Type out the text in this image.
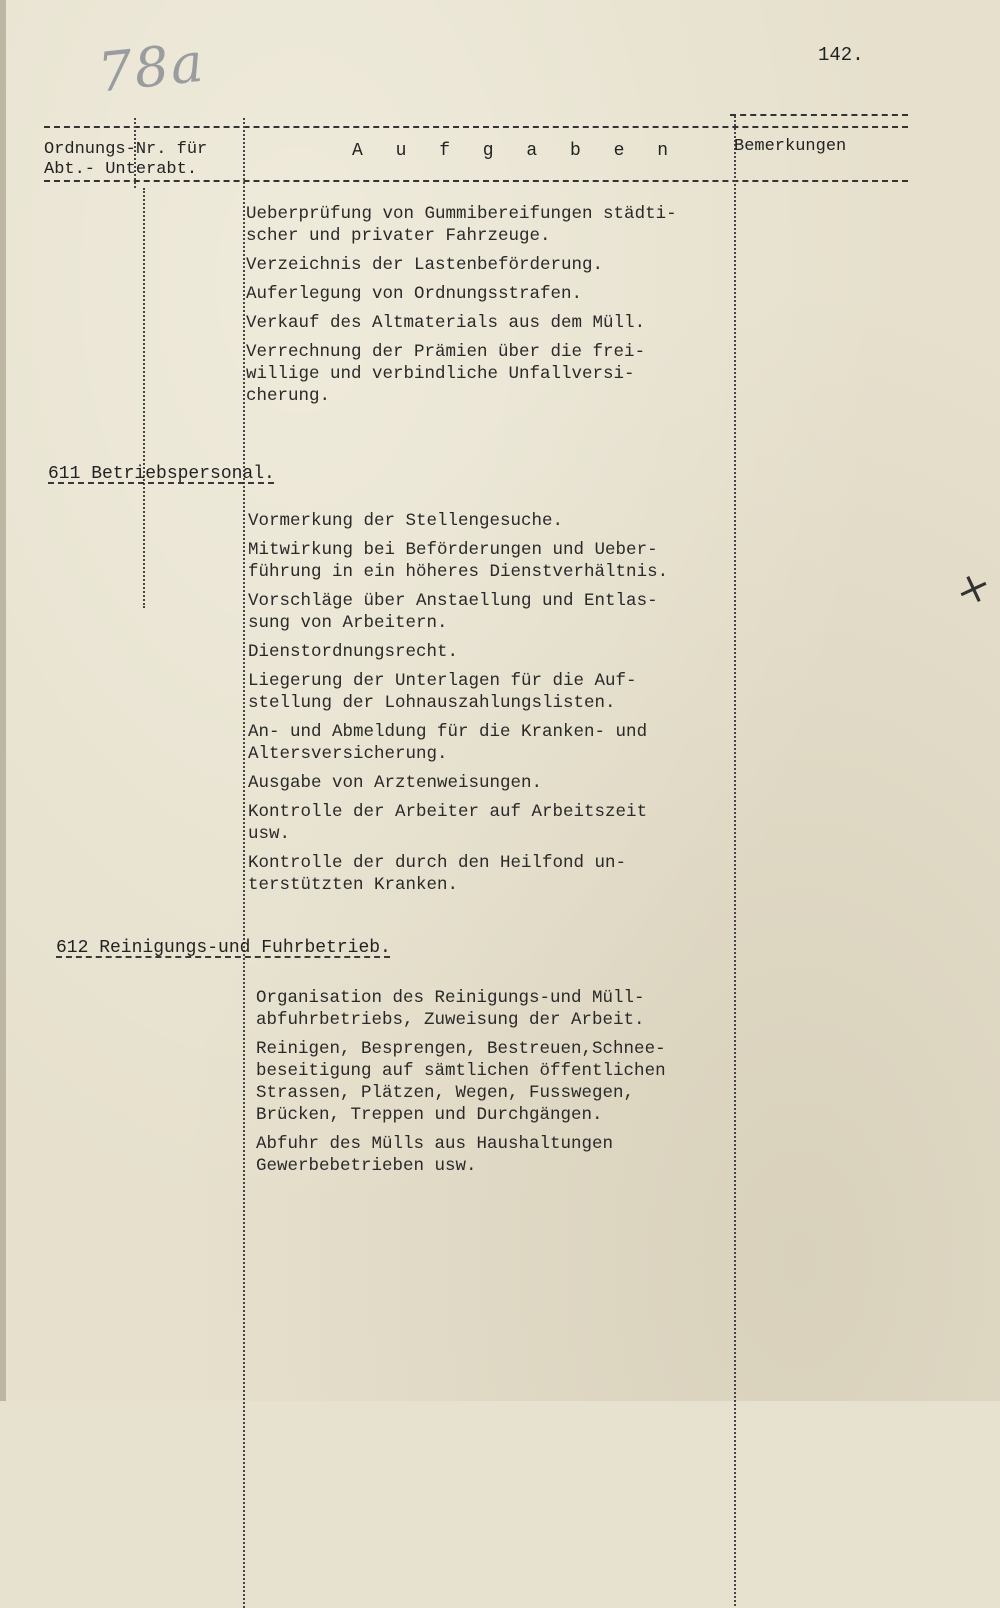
78a	142.
Ordnungs-Nr. für
Abt.- Unterabt.
A u f g a b e n	Bemerkungen
Ueberprüfung von Gummibereifungen städti-
scher und privater Fahrzeuge.
Verzeichnis der Lastenbeförderung.
Auferlegung von Ordnungsstrafen.
Verkauf des Altmaterials aus dem Müll.
Verrechnung der Prämien über die frei-
willige und verbindliche Unfallversi-
cherung.
611 Betriebspersonal.
Vormerkung der Stellengesuche.
Mitwirkung bei Beförderungen und Ueber-
führung in ein höheres Dienstverhältnis.
Vorschläge über Anstaellung und Entlas-
sung von Arbeitern.
Dienstordnungsrecht.
Liegerung der Unterlagen für die Auf-
stellung der Lohnauszahlungslisten.
An- und Abmeldung für die Kranken- und
Altersversicherung.
Ausgabe von Arztenweisungen.
Kontrolle der Arbeiter auf Arbeitszeit
usw.
Kontrolle der durch den Heilfond un-
terstützten Kranken.
612 Reinigungs-und Fuhrbetrieb.
Organisation des Reinigungs-und Müll-
abfuhrbetriebs, Zuweisung der Arbeit.
Reinigen, Besprengen, Bestreuen,Schnee-
beseitigung auf sämtlichen öffentlichen
Strassen, Plätzen, Wegen, Fusswegen,
Brücken, Treppen und Durchgängen.
Abfuhr des Mülls aus Haushaltungen
Gewerbebetrieben usw.
×
